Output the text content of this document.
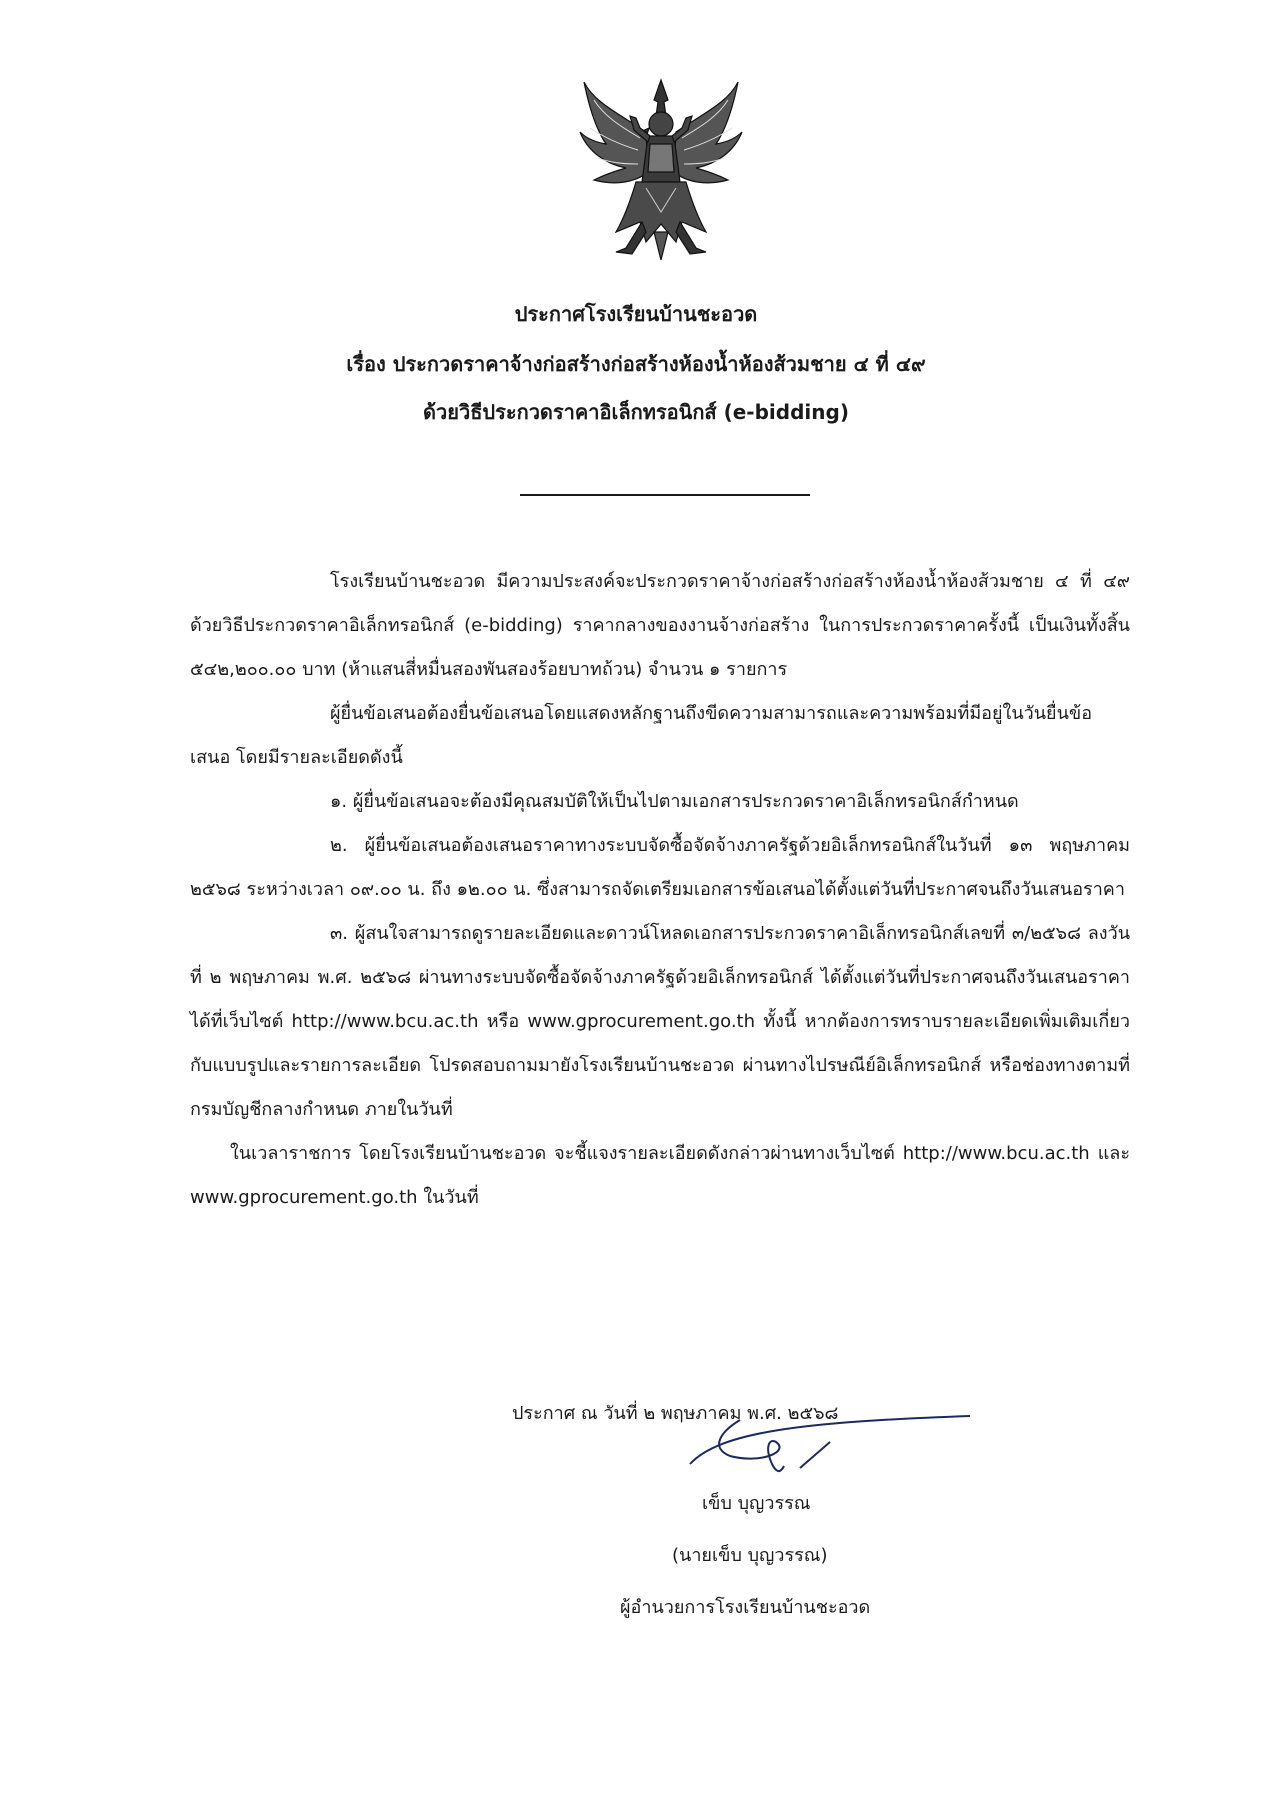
ประกาศโรงเรียนบ้านชะอวด
เรื่อง ประกวดราคาจ้างก่อสร้างก่อสร้างห้องน้ำห้องส้วมชาย ๔ ที่ ๔๙
ด้วยวิธีประกวดราคาอิเล็กทรอนิกส์ (e-bidding)

โรงเรียนบ้านชะอวด มีความประสงค์จะประกวดราคาจ้างก่อสร้างก่อสร้างห้องน้ำห้องส้วมชาย ๔ ที่ ๔๙ ด้วยวิธีประกวดราคาอิเล็กทรอนิกส์ (e-bidding) ราคากลางของงานจ้างก่อสร้าง ในการประกวดราคาครั้งนี้ เป็นเงินทั้งสิ้น ๕๔๒,๒๐๐.๐๐ บาท (ห้าแสนสี่หมื่นสองพันสองร้อยบาทถ้วน) จำนวน ๑ รายการ

ผู้ยื่นข้อเสนอต้องยื่นข้อเสนอโดยแสดงหลักฐานถึงขีดความสามารถและความพร้อมที่มีอยู่ในวันยื่นข้อเสนอ โดยมีรายละเอียดดังนี้

๑. ผู้ยื่นข้อเสนอจะต้องมีคุณสมบัติให้เป็นไปตามเอกสารประกวดราคาอิเล็กทรอนิกส์กำหนด

๒. ผู้ยื่นข้อเสนอต้องเสนอราคาทางระบบจัดซื้อจัดจ้างภาครัฐด้วยอิเล็กทรอนิกส์ในวันที่ ๑๓ พฤษภาคม ๒๕๖๘ ระหว่างเวลา ๐๙.๐๐ น. ถึง ๑๒.๐๐ น. ซึ่งสามารถจัดเตรียมเอกสารข้อเสนอได้ตั้งแต่วันที่ประกาศจนถึงวันเสนอราคา

๓. ผู้สนใจสามารถดูรายละเอียดและดาวน์โหลดเอกสารประกวดราคาอิเล็กทรอนิกส์เลขที่ ๓/๒๕๖๘ ลงวันที่ ๒ พฤษภาคม พ.ศ. ๒๕๖๘ ผ่านทางระบบจัดซื้อจัดจ้างภาครัฐด้วยอิเล็กทรอนิกส์ ได้ตั้งแต่วันที่ประกาศจนถึงวันเสนอราคา ได้ที่เว็บไซต์ http://www.bcu.ac.th หรือ www.gprocurement.go.th ทั้งนี้ หากต้องการทราบรายละเอียดเพิ่มเติมเกี่ยวกับแบบรูปและรายการละเอียด โปรดสอบถามมายังโรงเรียนบ้านชะอวด ผ่านทางไปรษณีย์อิเล็กทรอนิกส์ หรือช่องทางตามที่กรมบัญชีกลางกำหนด ภายในวันที่

ในเวลาราชการ โดยโรงเรียนบ้านชะอวด จะชี้แจงรายละเอียดดังกล่าวผ่านทางเว็บไซต์ http://www.bcu.ac.th และ www.gprocurement.go.th ในวันที่

ประกาศ ณ วันที่ ๒ พฤษภาคม พ.ศ. ๒๕๖๘
เข็บ บุญวรรณ
(นายเข็บ บุญวรรณ)
ผู้อำนวยการโรงเรียนบ้านชะอวด
